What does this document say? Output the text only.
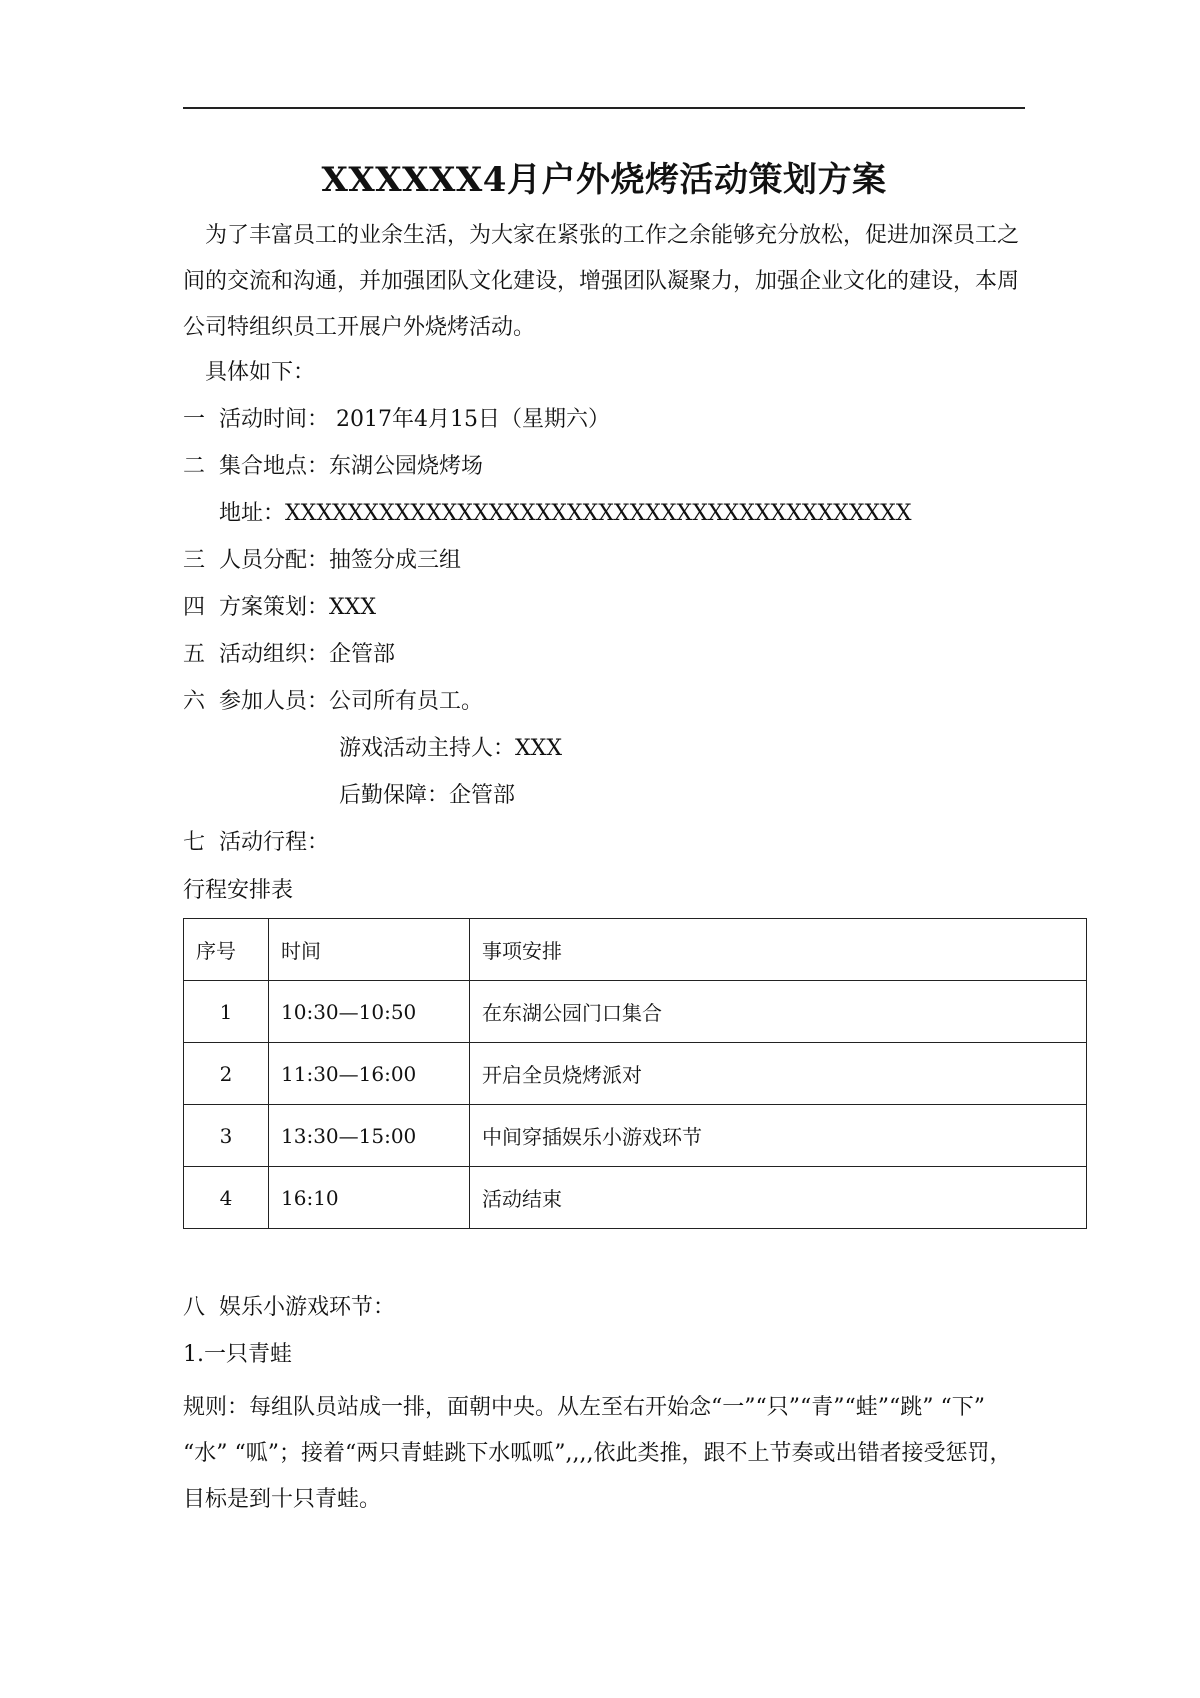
XXXXXX4月户外烧烤活动策划方案
为了丰富员工的业余生活，为大家在紧张的工作之余能够充分放松，促进加深员工之间的交流和沟通，并加强团队文化建设，增强团队凝聚力，加强企业文化的建设，本周公司特组织员工开展户外烧烤活动。
具体如下：
一 活动时间： 2017年4月15日（星期六）
二 集合地点：东湖公园烧烤场
地址：XXXXXXXXXXXXXXXXXXXXXXXXXXXXXXXXXXXXXXXX
三 人员分配：抽签分成三组
四 方案策划：XXX
五 活动组织：企管部
六 参加人员：公司所有员工。
游戏活动主持人：XXX
后勤保障：企管部
七 活动行程：
行程安排表
序号	时间	事项安排
1	10:30—10:50	在东湖公园门口集合
2	11:30—16:00	开启全员烧烤派对
3	13:30—15:00	中间穿插娱乐小游戏环节
4	16:10	活动结束
八 娱乐小游戏环节：
1.一只青蛙
规则：每组队员站成一排，面朝中央。从左至右开始念“一”“只”“青”“蛙”“跳” “下” “水” “呱”；接着“两只青蛙跳下水呱呱”,,,,依此类推，跟不上节奏或出错者接受惩罚，目标是到十只青蛙。
